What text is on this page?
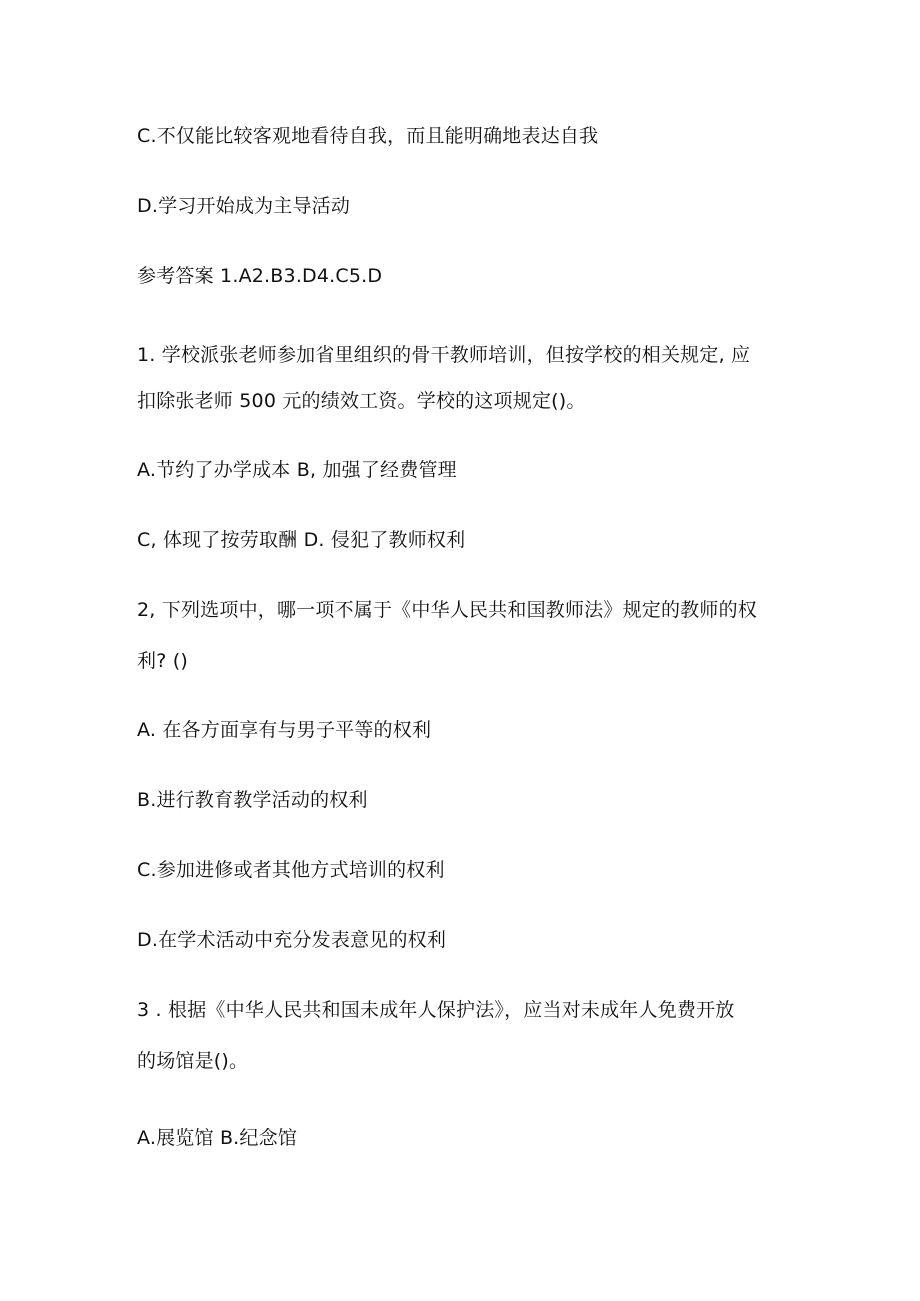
C.不仅能比较客观地看待自我，而且能明确地表达自我
D.学习开始成为主导活动
参考答案 1.A2.B3.D4.C5.D
1. 学校派张老师参加省里组织的骨干教师培训，但按学校的相关规定, 应
扣除张老师 500 元的绩效工资。学校的这项规定()。
A.节约了办学成本 B, 加强了经费管理
C, 体现了按劳取酬 D. 侵犯了教师权利
2, 下列选项中，哪一项不属于《中华人民共和国教师法》规定的教师的权
利? ()
A. 在各方面享有与男子平等的权利
B.进行教育教学活动的权利
C.参加进修或者其他方式培训的权利
D.在学术活动中充分发表意见的权利
3 . 根据《中华人民共和国未成年人保护法》，应当对未成年人免费开放
的场馆是()。
A.展览馆 B.纪念馆
